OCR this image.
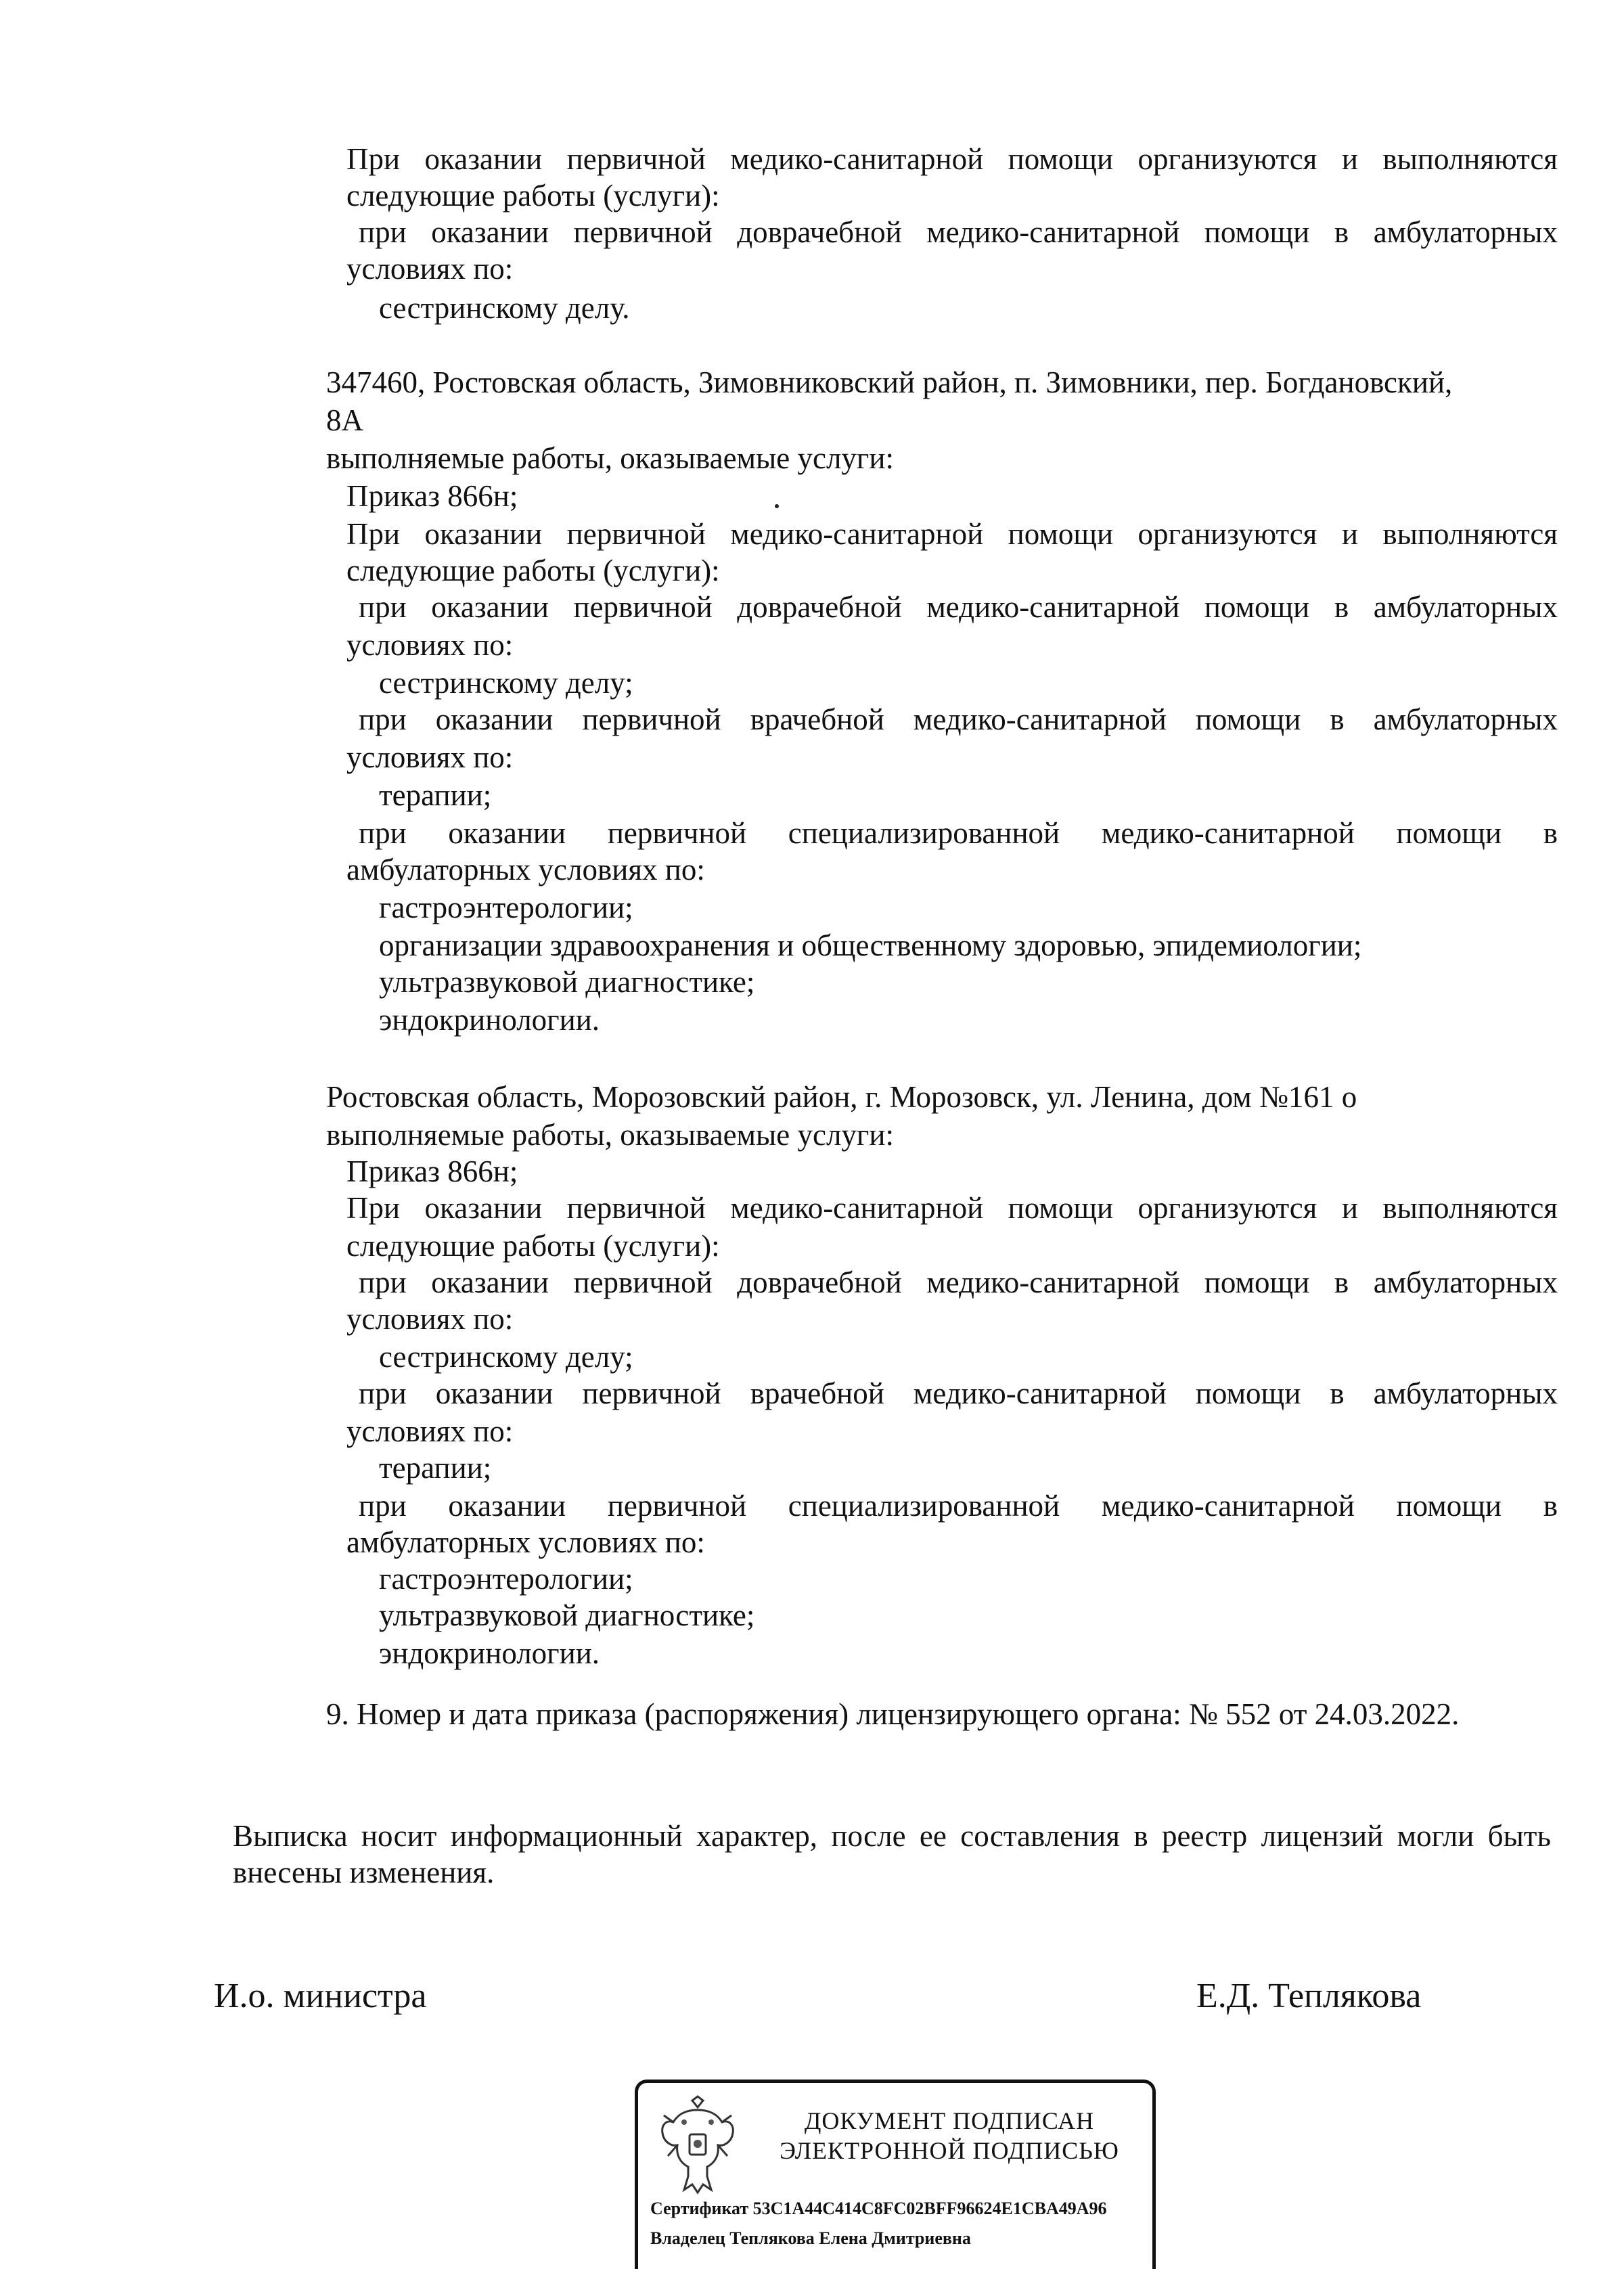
При оказании первичной медико-санитарной помощи организуются и выполняются
следующие работы (услуги):
при оказании первичной доврачебной медико-санитарной помощи в амбулаторных
условиях по:
сестринскому делу.
347460, Ростовская область, Зимовниковский район, п. Зимовники, пер. Богдановский,
8А
выполняемые работы, оказываемые услуги:
Приказ 866н;
При оказании первичной медико-санитарной помощи организуются и выполняются
следующие работы (услуги):
при оказании первичной доврачебной медико-санитарной помощи в амбулаторных
условиях по:
сестринскому делу;
при оказании первичной врачебной медико-санитарной помощи в амбулаторных
условиях по:
терапии;
при оказании первичной специализированной медико-санитарной помощи в
амбулаторных условиях по:
гастроэнтерологии;
организации здравоохранения и общественному здоровью, эпидемиологии;
ультразвуковой диагностике;
эндокринологии.
Ростовская область, Морозовский район, г. Морозовск, ул. Ленина, дом №161 о
выполняемые работы, оказываемые услуги:
Приказ 866н;
При оказании первичной медико-санитарной помощи организуются и выполняются
следующие работы (услуги):
при оказании первичной доврачебной медико-санитарной помощи в амбулаторных
условиях по:
сестринскому делу;
при оказании первичной врачебной медико-санитарной помощи в амбулаторных
условиях по:
терапии;
при оказании первичной специализированной медико-санитарной помощи в
амбулаторных условиях по:
гастроэнтерологии;
ультразвуковой диагностике;
эндокринологии.
9. Номер и дата приказа (распоряжения) лицензирующего органа: № 552 от 24.03.2022.
Выписка носит информационный характер, после ее составления в реестр лицензий могли быть
внесены изменения.
И.о. министра	Е.Д. Теплякова
ДОКУМЕНТ ПОДПИСАН
ЭЛЕКТРОННОЙ ПОДПИСЬЮ
Сертификат 53C1A44C414C8FC02BFF96624E1CBA49A96
Владелец Теплякова Елена Дмитриевна
